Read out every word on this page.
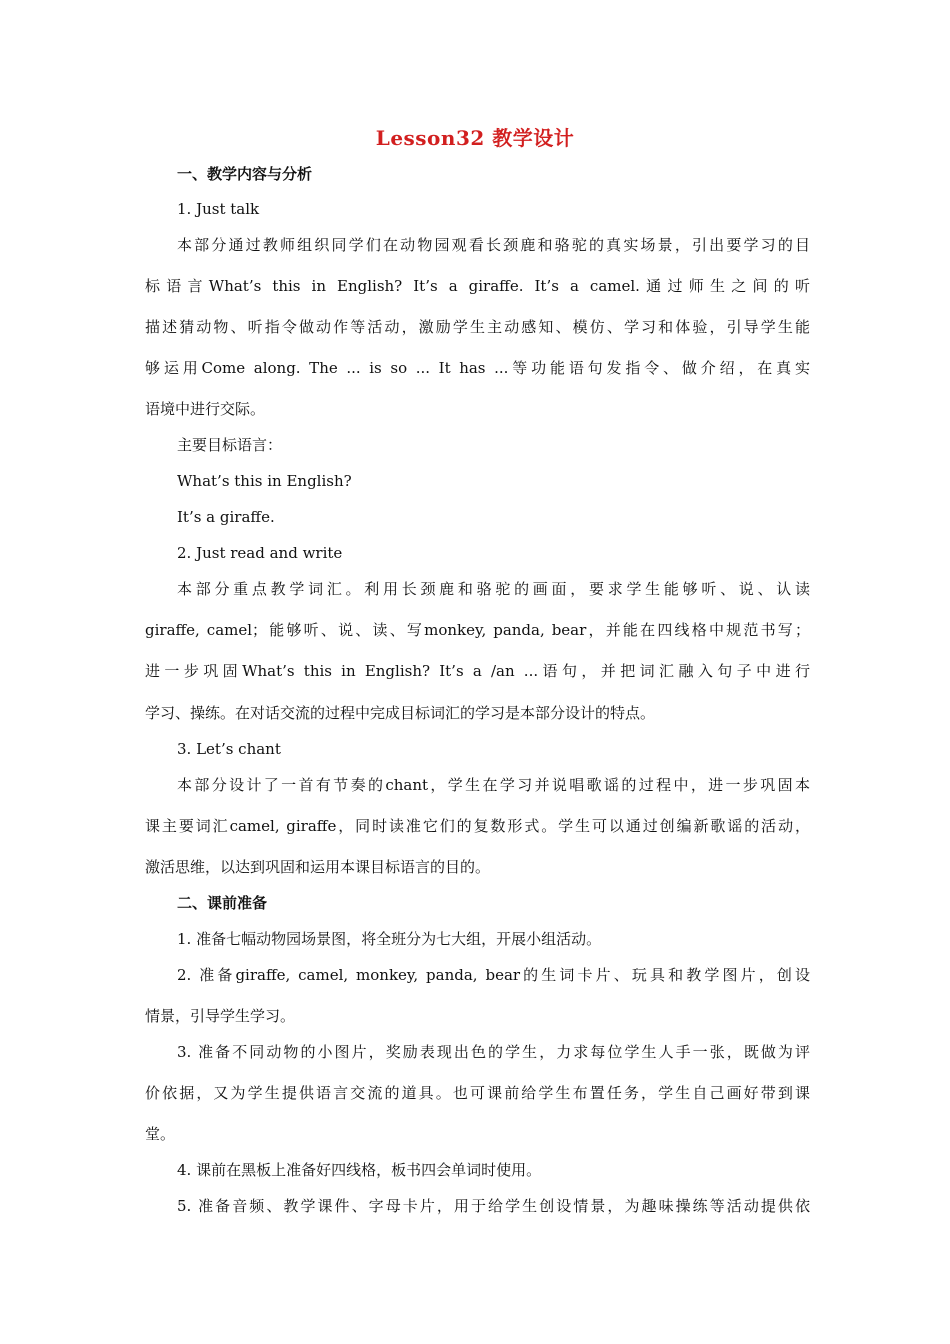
Lesson32 教学设计
一、教学内容与分析
1. Just talk
本部分通过教师组织同学们在动物园观看长颈鹿和骆驼的真实场景，引出要学习的目
标语言What’s this in English? It’s a giraffe. It’s a camel.通过师生之间的听
描述猜动物、听指令做动作等活动，激励学生主动感知、模仿、学习和体验，引导学生能
够运用Come along. The ... is so ... It has ...等功能语句发指令、做介绍，在真实
语境中进行交际。
主要目标语言：
What’s this in English?
It’s a giraffe.
2. Just read and write
本部分重点教学词汇。利用长颈鹿和骆驼的画面，要求学生能够听、说、认读
giraffe, camel；能够听、说、读、写monkey, panda, bear，并能在四线格中规范书写；
进一步巩固What’s this in English? It’s a /an ...语句，并把词汇融入句子中进行
学习、操练。在对话交流的过程中完成目标词汇的学习是本部分设计的特点。
3. Let’s chant
本部分设计了一首有节奏的chant，学生在学习并说唱歌谣的过程中，进一步巩固本
课主要词汇camel, giraffe，同时读准它们的复数形式。学生可以通过创编新歌谣的活动，
激活思维，以达到巩固和运用本课目标语言的目的。
二、课前准备
1. 准备七幅动物园场景图，将全班分为七大组，开展小组活动。
2. 准备giraffe, camel, monkey, panda, bear的生词卡片、玩具和教学图片，创设
情景，引导学生学习。
3. 准备不同动物的小图片，奖励表现出色的学生，力求每位学生人手一张，既做为评
价依据，又为学生提供语言交流的道具。也可课前给学生布置任务，学生自己画好带到课
堂。
4. 课前在黑板上准备好四线格，板书四会单词时使用。
5. 准备音频、教学课件、字母卡片，用于给学生创设情景，为趣味操练等活动提供依
